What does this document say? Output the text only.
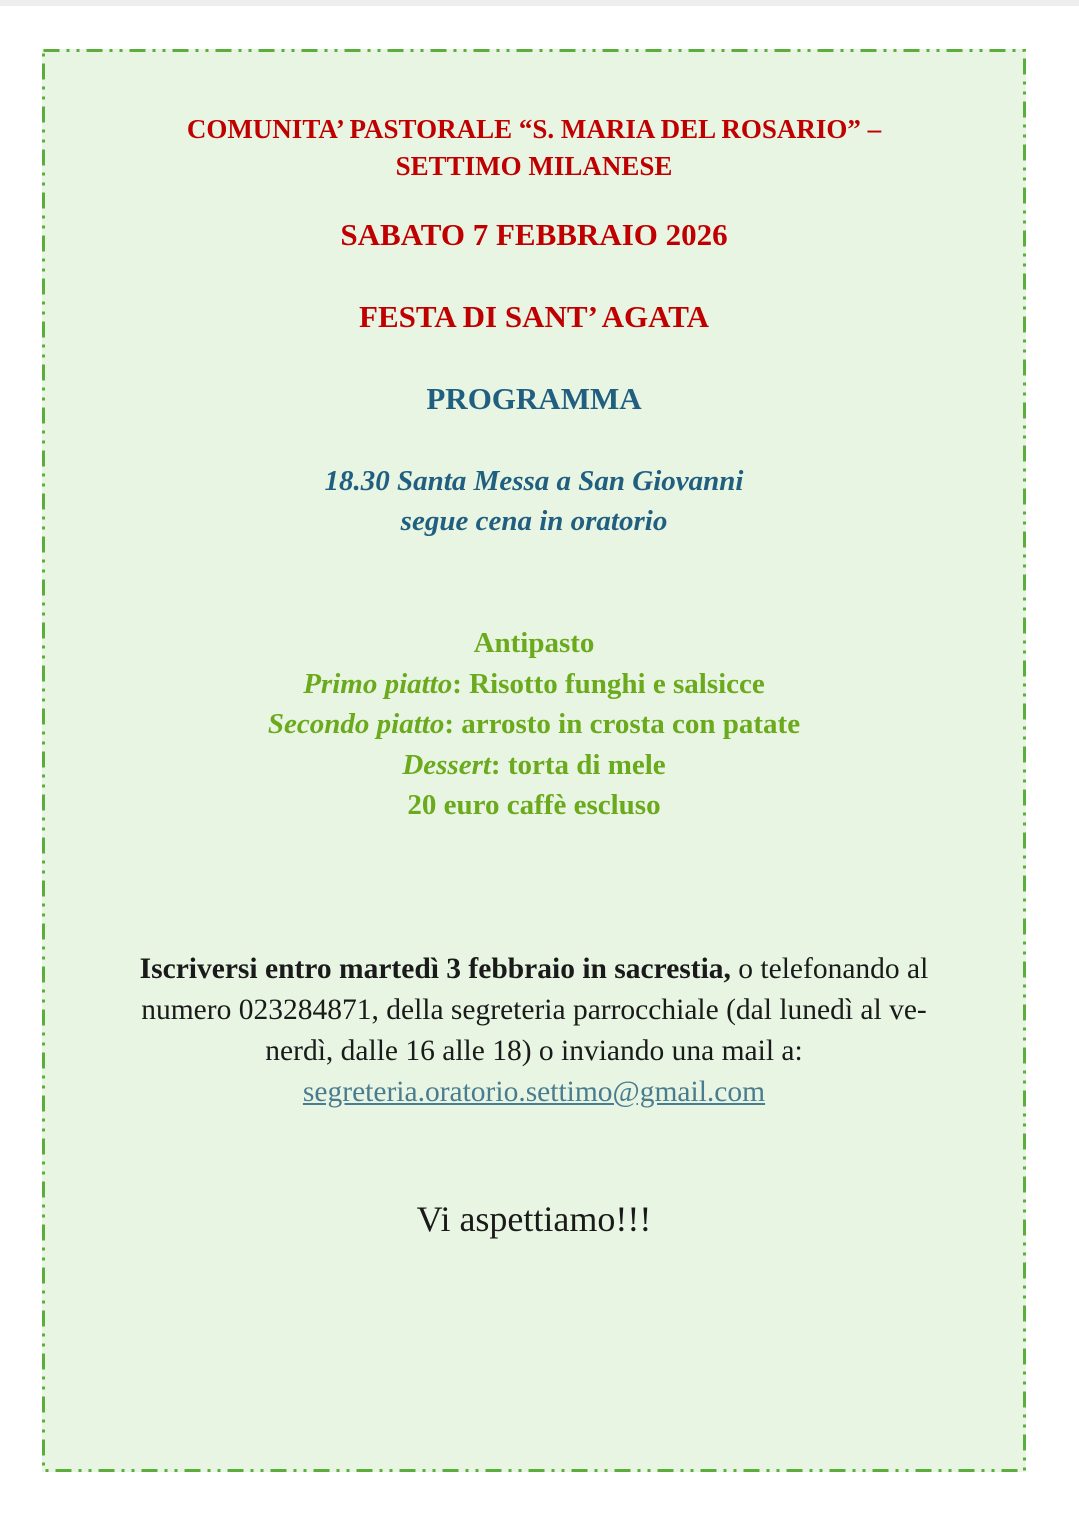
COMUNITA’ PASTORALE “S. MARIA DEL ROSARIO” –
SETTIMO MILANESE
SABATO 7 FEBBRAIO 2026
FESTA DI SANT’ AGATA
PROGRAMMA
18.30 Santa Messa a San Giovanni
segue cena in oratorio
Antipasto
Primo piatto: Risotto funghi e salsicce
Secondo piatto: arrosto in crosta con patate
Dessert: torta di mele
20 euro caffè escluso
Iscriversi entro martedì 3 febbraio in sacrestia, o telefonando al
numero 023284871, della segreteria parrocchiale (dal lunedì al ve-
nerdì, dalle 16 alle 18) o inviando una mail a:
segreteria.oratorio.settimo@gmail.com
Vi aspettiamo!!!
